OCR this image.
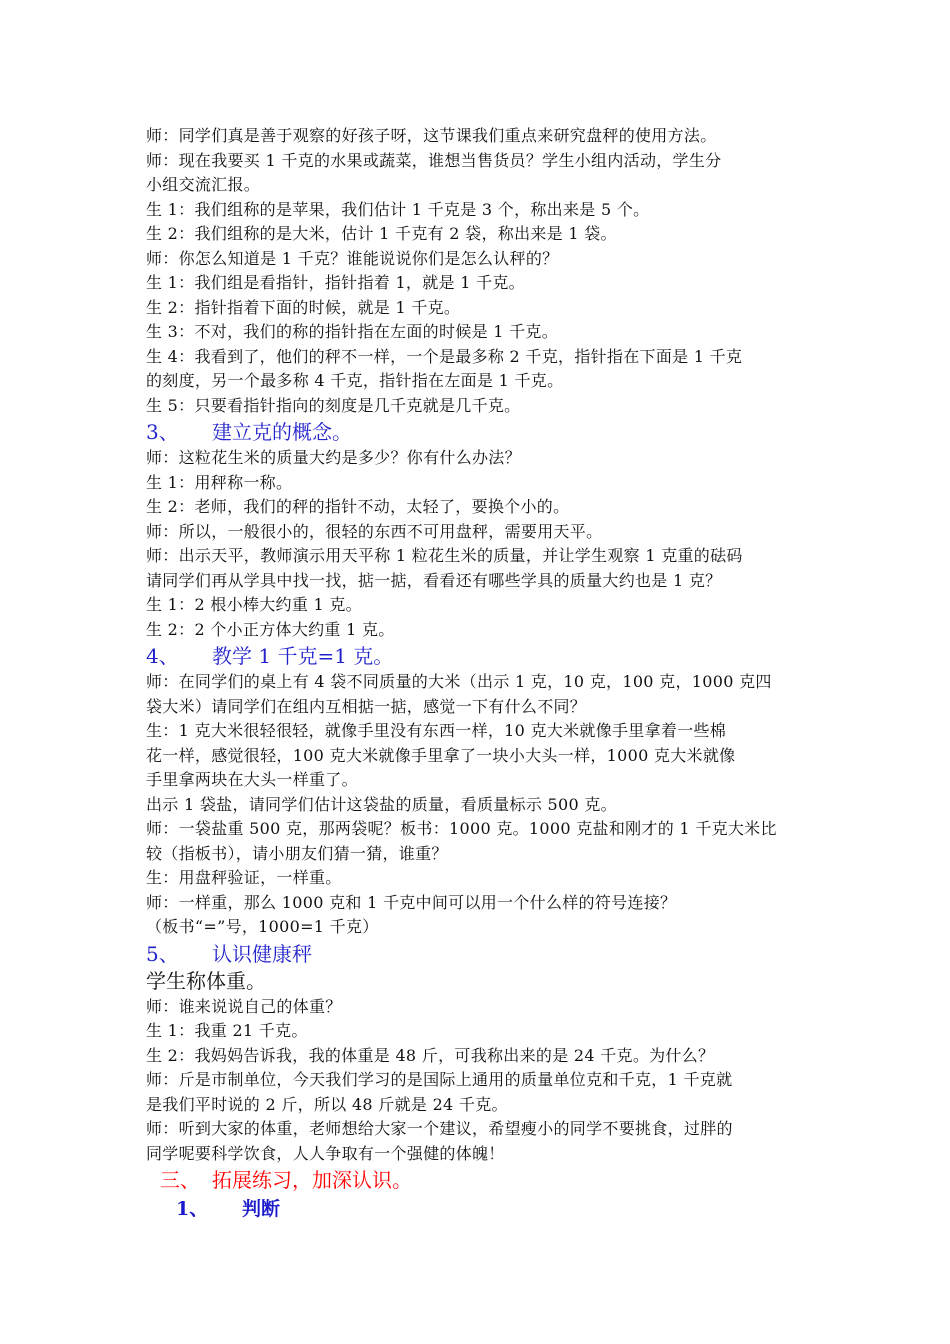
师：同学们真是善于观察的好孩子呀，这节课我们重点来研究盘秤的使用方法。

师：现在我要买 1 千克的水果或蔬菜，谁想当售货员？学生小组内活动，学生分

小组交流汇报。

生 1：我们组称的是苹果，我们估计 1 千克是 3 个，称出来是 5 个。

生 2：我们组称的是大米，估计 1 千克有 2 袋，称出来是 1 袋。

师：你怎么知道是 1 千克？谁能说说你们是怎么认秤的？

生 1：我们组是看指针，指针指着 1，就是 1 千克。

生 2：指针指着下面的时候，就是 1 千克。

生 3：不对，我们的称的指针指在左面的时候是 1 千克。

生 4：我看到了，他们的秤不一样，一个是最多称 2 千克，指针指在下面是 1 千克

的刻度，另一个最多称 4 千克，指针指在左面是 1 千克。

生 5：只要看指针指向的刻度是几千克就是几千克。

3、	建立克的概念。

师：这粒花生米的质量大约是多少？你有什么办法？

生 1：用秤称一称。

生 2：老师，我们的秤的指针不动，太轻了，要换个小的。

师：所以，一般很小的，很轻的东西不可用盘秤，需要用天平。

师：出示天平，教师演示用天平称 1 粒花生米的质量，并让学生观察 1 克重的砝码

请同学们再从学具中找一找，掂一掂，看看还有哪些学具的质量大约也是 1 克？

生 1：2 根小棒大约重 1 克。

生 2：2 个小正方体大约重 1 克。

4、	教学 1 千克=1 克。

师：在同学们的桌上有 4 袋不同质量的大米（出示 1 克，10 克，100 克，1000 克四

袋大米）请同学们在组内互相掂一掂，感觉一下有什么不同？

生：1 克大米很轻很轻，就像手里没有东西一样，10 克大米就像手里拿着一些棉

花一样，感觉很轻，100 克大米就像手里拿了一块小大头一样，1000 克大米就像

手里拿两块在大头一样重了。

出示 1 袋盐，请同学们估计这袋盐的质量，看质量标示 500 克。

师：一袋盐重 500 克，那两袋呢？板书：1000 克。1000 克盐和刚才的 1 千克大米比

较（指板书），请小朋友们猜一猜，谁重？

生：用盘秤验证，一样重。

师：一样重，那么 1000 克和 1 千克中间可以用一个什么样的符号连接？

（板书“=”号，1000=1 千克）

5、	认识健康秤

学生称体重。

师：谁来说说自己的体重？

生 1：我重 21 千克。

生 2：我妈妈告诉我，我的体重是 48 斤，可我称出来的是 24 千克。为什么？

师：斤是市制单位，今天我们学习的是国际上通用的质量单位克和千克，1 千克就

是我们平时说的 2 斤，所以 48 斤就是 24 千克。

师：听到大家的体重，老师想给大家一个建议，希望瘦小的同学不要挑食，过胖的

同学呢要科学饮食，人人争取有一个强健的体魄！

三、 拓展练习，加深认识。
1、	判断
